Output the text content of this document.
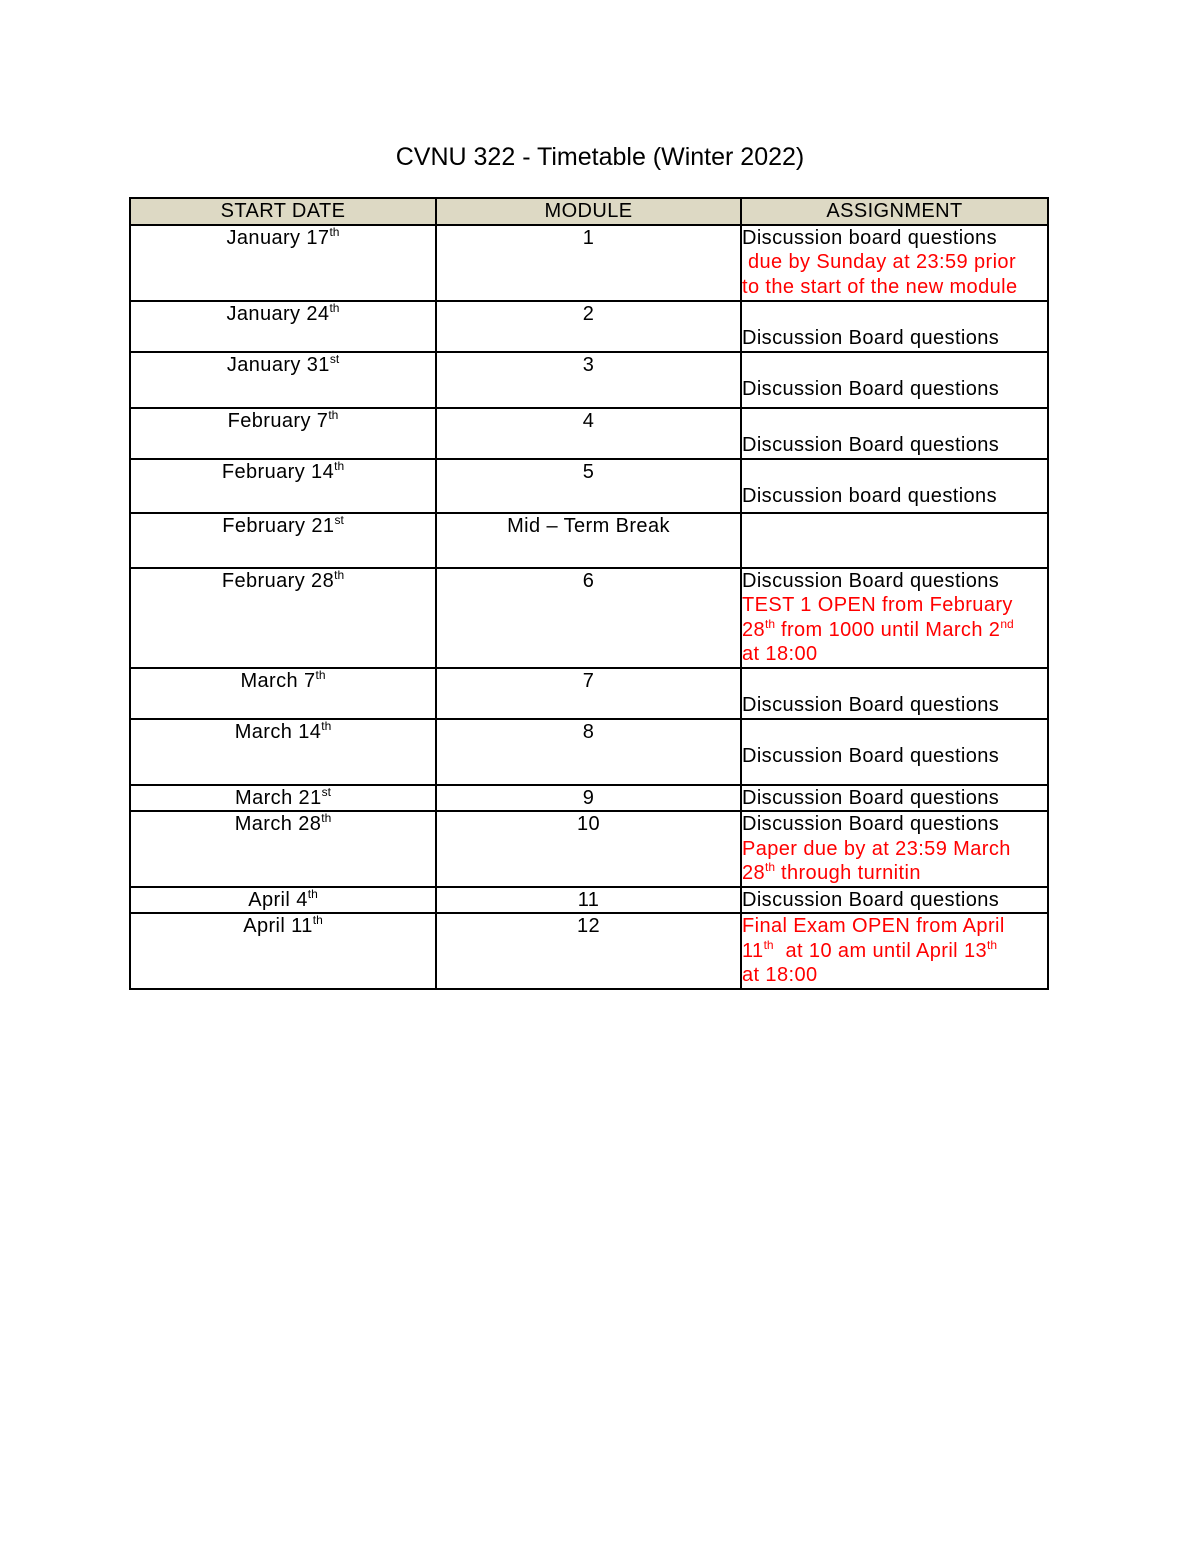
CVNU 322 - Timetable (Winter 2022)
START DATE	MODULE	ASSIGNMENT
January 17th	1	Discussion board questions
due by Sunday at 23:59 prior
to the start of the new module

January 24th	2	Discussion Board questions

January 31st	3	Discussion Board questions

February 7th	4	Discussion Board questions

February 14th	5	Discussion board questions

February 21st	Mid – Term Break	
February 28th	6	Discussion Board questions
TEST 1 OPEN from February
28th from 1000 until March 2nd
at 18:00

March 7th	7	Discussion Board questions

March 14th	8	Discussion Board questions

March 21st	9	Discussion Board questions
March 28th	10	Discussion Board questions
Paper due by at 23:59 March
28th through turnitin

April 4th	11	Discussion Board questions
April 11th	12	Final Exam OPEN from April
11th  at 10 am until April 13th
at 18:00
